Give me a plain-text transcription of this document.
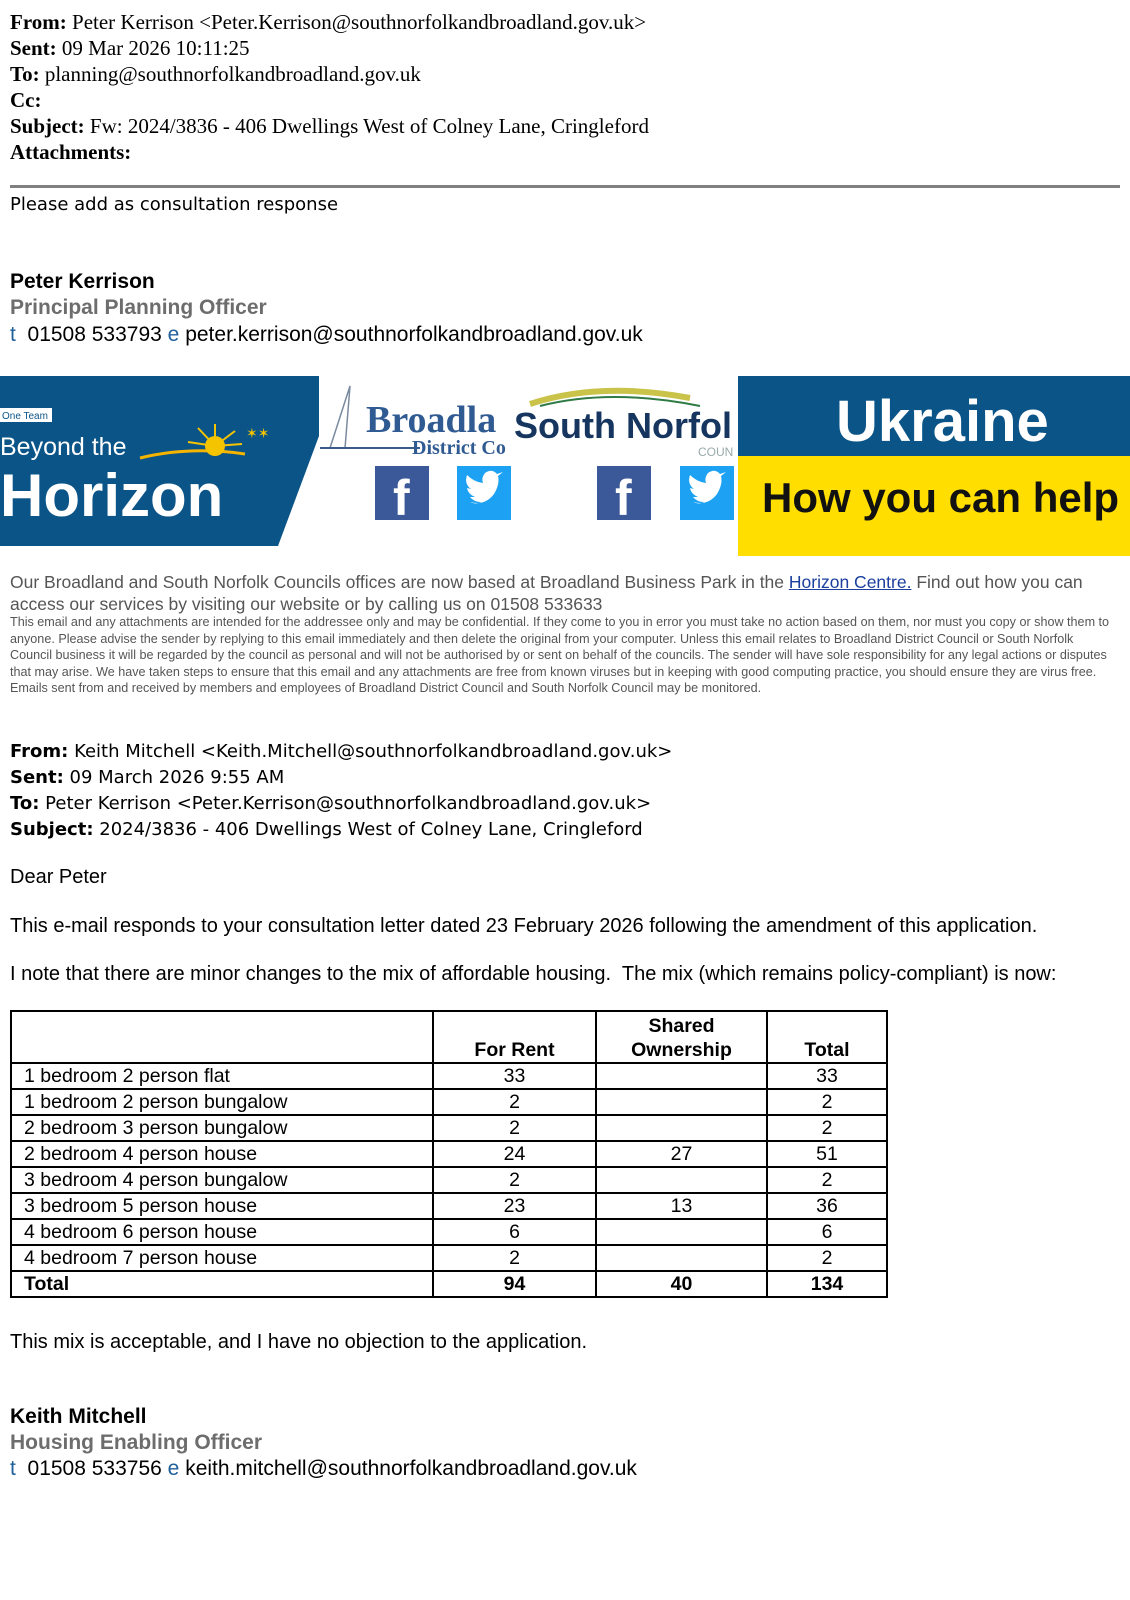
From: Peter Kerrison <Peter.Kerrison@southnorfolkandbroadland.gov.uk>
Sent: 09 Mar 2026 10:11:25
To: planning@southnorfolkandbroadland.gov.uk
Cc:
Subject: Fw: 2024/3836 - 406 Dwellings West of Colney Lane, Cringleford
Attachments:
Please add as consultation response
Peter Kerrison
Principal Planning Officer
t 01508 533793 e peter.kerrison@southnorfolkandbroadland.gov.uk
One Team
Beyond the
Horizon
✶✶	Broadla
District Co
South Norfol
COUN
f	f
Ukraine
How you can help
Our Broadland and South Norfolk Councils offices are now based at Broadland Business Park in the Horizon Centre. Find out how you can access our services by visiting our website or by calling us on 01508 533633
This email and any attachments are intended for the addressee only and may be confidential. If they come to you in error you must take no action based on them, nor must you copy or show them to anyone. Please advise the sender by replying to this email immediately and then delete the original from your computer. Unless this email relates to Broadland District Council or South Norfolk Council business it will be regarded by the council as personal and will not be authorised by or sent on behalf of the councils. The sender will have sole responsibility for any legal actions or disputes that may arise. We have taken steps to ensure that this email and any attachments are free from known viruses but in keeping with good computing practice, you should ensure they are virus free. Emails sent from and received by members and employees of Broadland District Council and South Norfolk Council may be monitored.
From: Keith Mitchell <Keith.Mitchell@southnorfolkandbroadland.gov.uk>
Sent: 09 March 2026 9:55 AM
To: Peter Kerrison <Peter.Kerrison@southnorfolkandbroadland.gov.uk>
Subject: 2024/3836 - 406 Dwellings West of Colney Lane, Cringleford
Dear Peter
This e-mail responds to your consultation letter dated 23 February 2026 following the amendment of this application.
I note that there are minor changes to the mix of affordable housing.  The mix (which remains policy-compliant) is now:
	For Rent	Shared Ownership	Total
1 bedroom 2 person flat	33		33
1 bedroom 2 person bungalow	2		2
2 bedroom 3 person bungalow	2		2
2 bedroom 4 person house	24	27	51
3 bedroom 4 person bungalow	2		2
3 bedroom 5 person house	23	13	36
4 bedroom 6 person house	6		6
4 bedroom 7 person house	2		2
Total	94	40	134
This mix is acceptable, and I have no objection to the application.
Keith Mitchell
Housing Enabling Officer
t 01508 533756 e keith.mitchell@southnorfolkandbroadland.gov.uk
